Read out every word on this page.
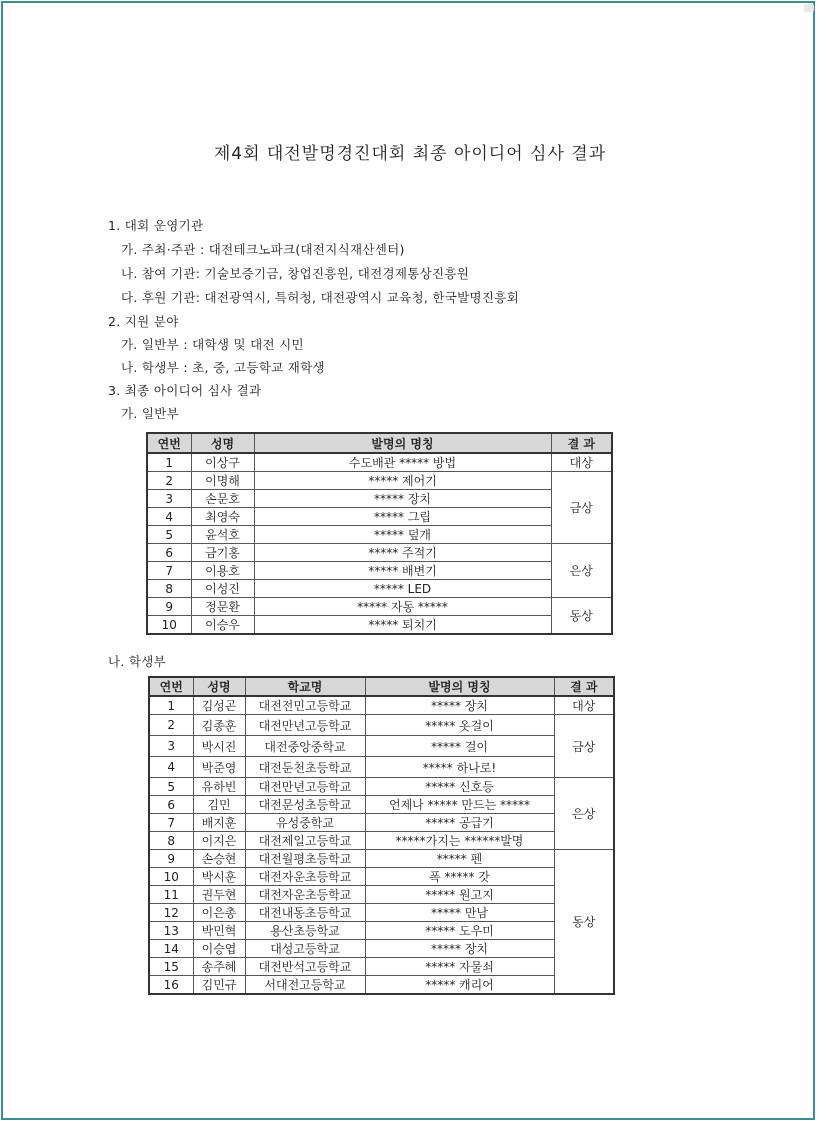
제4회 대전발명경진대회 최종 아이디어 심사 결과
1. 대회 운영기관
가. 주최·주관 : 대전테크노파크(대전지식재산센터)
나. 참여 기관: 기술보증기금, 창업진흥원, 대전경제통상진흥원
다. 후원 기관: 대전광역시, 특허청, 대전광역시 교육청, 한국발명진흥회
2. 지원 분야
가. 일반부 : 대학생 및 대전 시민
나. 학생부 : 초, 중, 고등학교 재학생
3. 최종 아이디어 심사 결과
가. 일반부
나. 학생부
연번	성명	발명의 명칭	결 과
1	이상구	수도배관 ***** 방법	대상
2	이명해	***** 제어기	금상
3	손문호	***** 장치	
4	최영숙	***** 그립	
5	윤석호	***** 덮개	
6	금기홍	***** 주적기	은상
7	이용호	***** 배변기	
8	이성진	***** LED	
9	정문환	***** 자동 *****	동상
10	이승우	***** 퇴치기	
연번	성명	학교명	발명의 명칭	결 과
1	김성곤	대전전민고등학교	***** 장치	대상
2	김종훈	대전만년고등학교	***** 옷걸이	금상
3	박시진	대전중앙중학교	***** 걸이	
4	박준영	대전둔천초등학교	***** 하나로!	
5	유하빈	대전만년고등학교	***** 신호등	은상
6	김민	대전문성초등학교	언제나 ***** 만드는 *****	
7	배지훈	유성중학교	***** 공급기	
8	이지은	대전제일고등학교	*****가지는 ******발명	
9	손승현	대전월평초등학교	***** 펜	동상
10	박시훈	대전자운초등학교	폭 ***** 갓	
11	권두현	대전자운초등학교	***** 원고지	
12	이은총	대전내동초등학교	***** 만남	
13	박민혁	용산초등학교	***** 도우미	
14	이승엽	대성고등학교	***** 장치	
15	송주혜	대전반석고등학교	***** 자물쇠	
16	김민규	서대전고등학교	***** 캐리어	
